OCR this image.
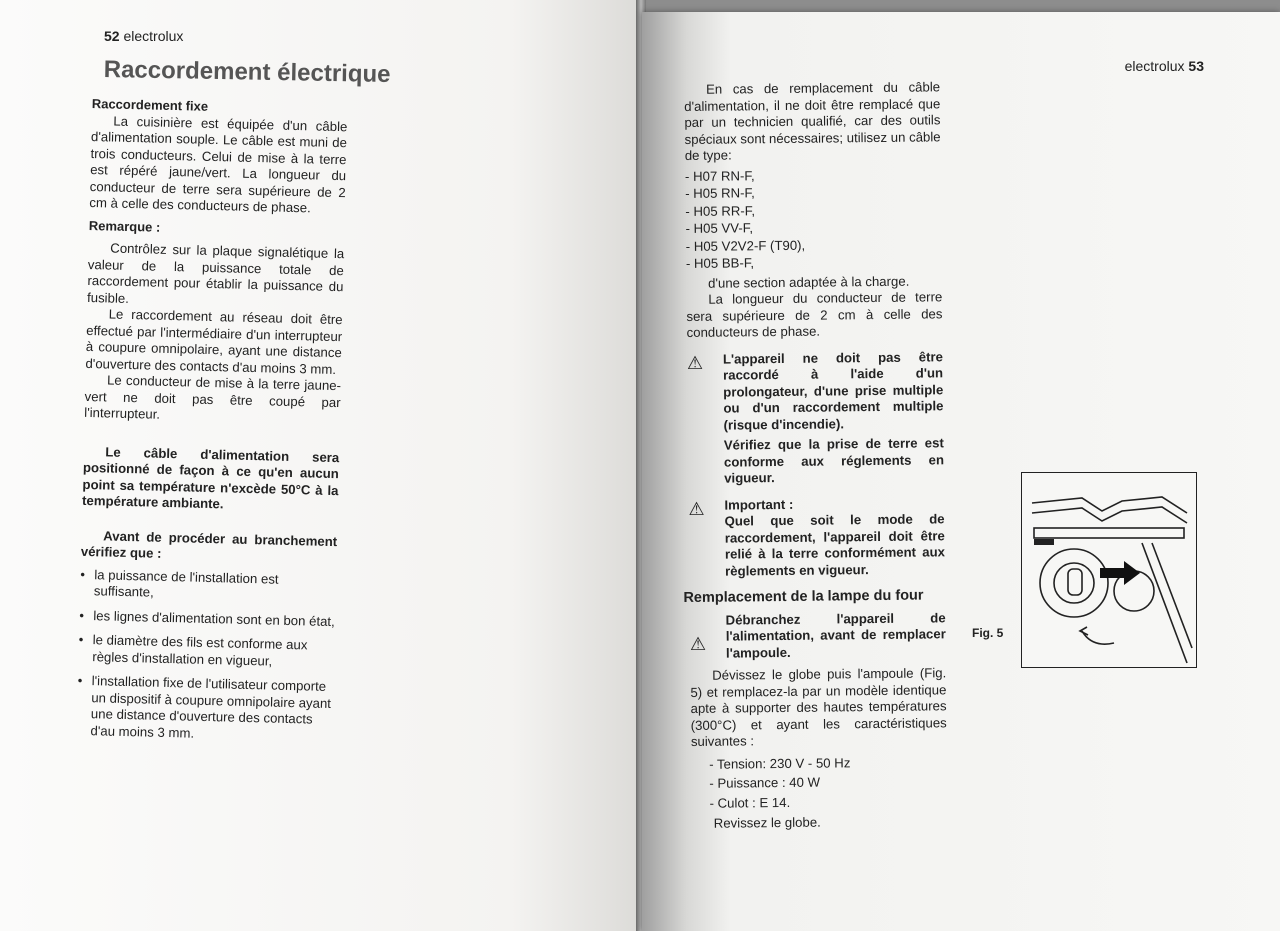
52 electrolux
Raccordement électrique
Raccordement fixe

La cuisinière est équipée d'un câble d'alimentation souple. Le câble est muni de trois conducteurs. Celui de mise à la terre est répéré jaune/vert. La longueur du conducteur de terre sera supérieure de 2 cm à celle des conducteurs de phase.

Remarque :

Contrôlez sur la plaque signalétique la valeur de la puissance totale de raccordement pour établir la puissance du fusible.

Le raccordement au réseau doit être effectué par l'intermédiaire d'un interrupteur à coupure omnipolaire, ayant une distance d'ouverture des contacts d'au moins 3 mm.

Le conducteur de mise à la terre jaune-vert ne doit pas être coupé par l'interrupteur.

Le câble d'alimentation sera positionné de façon à ce qu'en aucun point sa température n'excède 50°C à la température ambiante.

Avant de procéder au branchement vérifiez que :

• la puissance de l'installation est suffisante,
• les lignes d'alimentation sont en bon état,
• le diamètre des fils est conforme aux règles d'installation en vigueur,
• l'installation fixe de l'utilisateur comporte un dispositif à coupure omnipolaire ayant une distance d'ouverture des contacts d'au moins 3 mm.
electrolux 53

En cas de remplacement du câble d'alimentation, il ne doit être remplacé que par un technicien qualifié, car des outils spéciaux sont nécessaires; utilisez un câble de type:

- H07 RN-F,
- H05 RN-F,
- H05 RR-F,
- H05 VV-F,
- H05 V2V2-F (T90),
- H05 BB-F,

d'une section adaptée à la charge.

La longueur du conducteur de terre sera supérieure de 2 cm à celle des conducteurs de phase.

⚠	L'appareil ne doit pas être raccordé à l'aide d'un prolongateur, d'une prise multiple ou d'un raccordement multiple (risque d'incendie).

Vérifiez que la prise de terre est conforme aux réglements en vigueur.

⚠	Important :

Quel que soit le mode de raccordement, l'appareil doit être relié à la terre conformément aux règlements en vigueur.

Remplacement de la lampe du four
⚠

Débranchez l'appareil de l'alimentation, avant de remplacer l'ampoule.

Dévissez le globe puis l'ampoule (Fig. 5) et remplacez-la par un modèle identique apte à supporter des hautes températures (300°C) et ayant les caractéristiques suivantes :

- Tension: 230 V - 50 Hz
- Puissance : 40 W
- Culot : E 14.

Revissez le globe.

Fig. 5
